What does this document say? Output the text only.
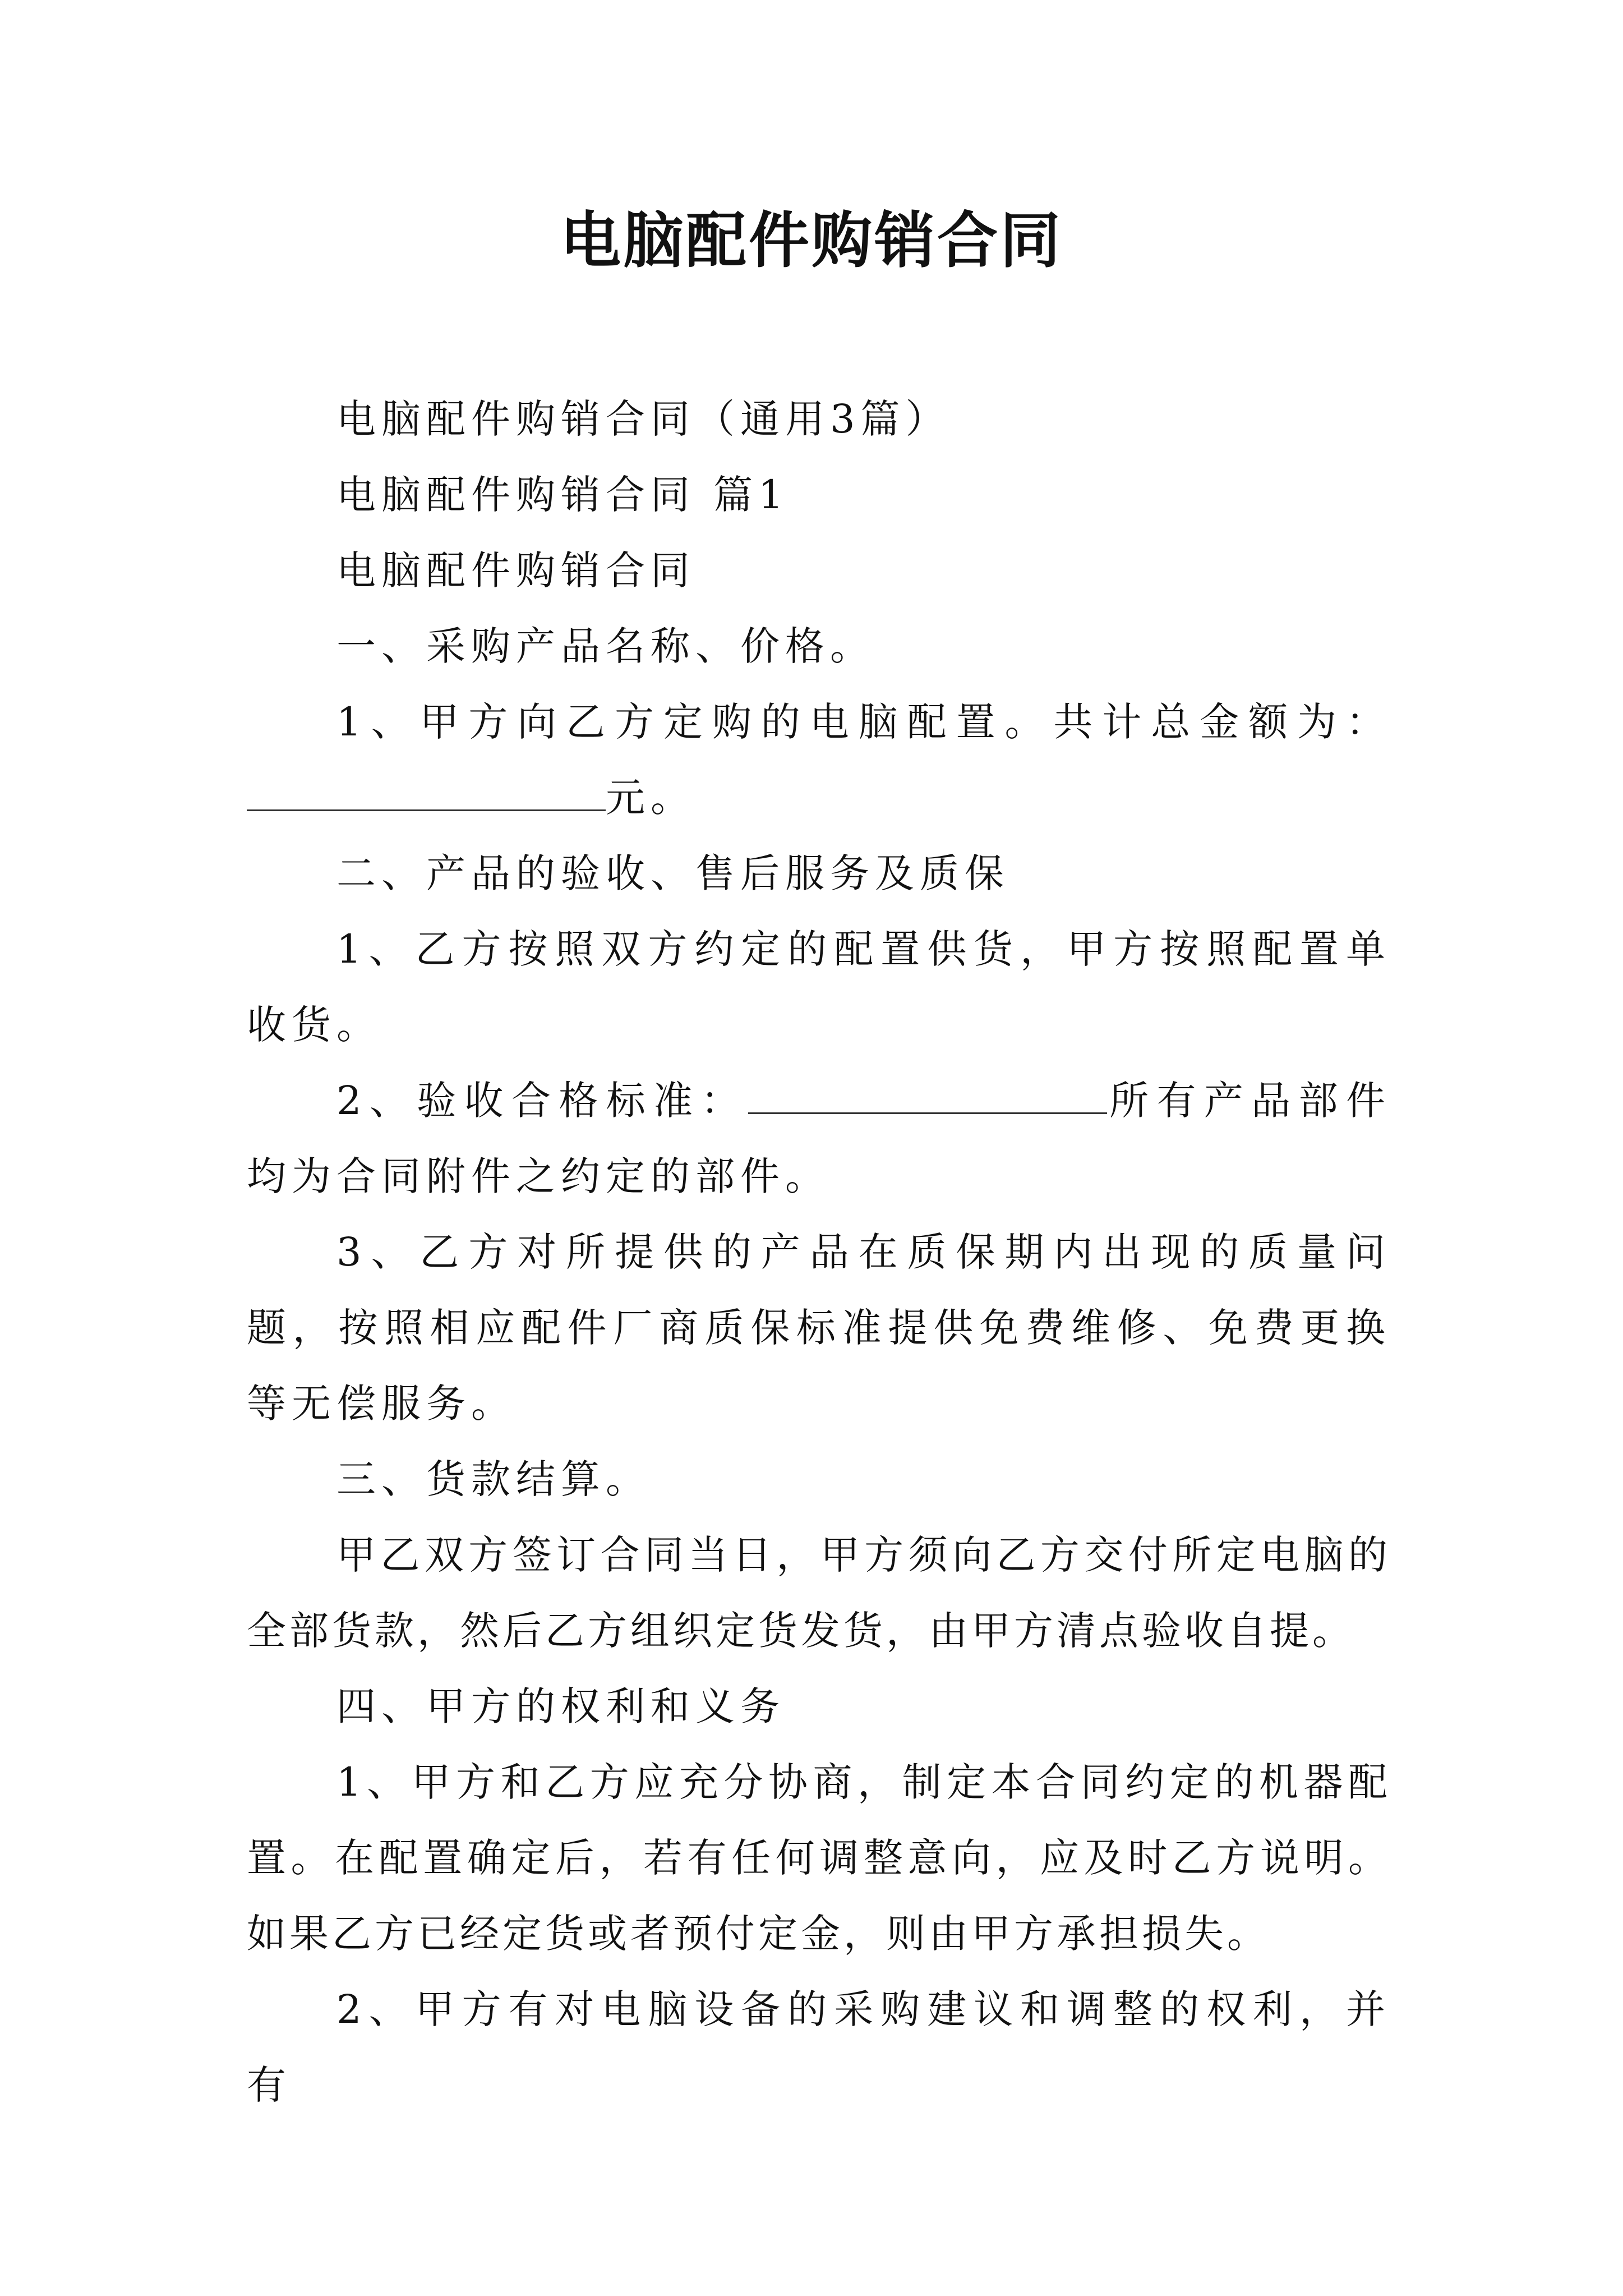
电脑配件购销合同

电脑配件购销合同（通用3篇）

电脑配件购销合同 篇1

电脑配件购销合同

一、采购产品名称、价格。

1、甲方向乙方定购的电脑配置。共计总金额为： 元。

二、产品的验收、售后服务及质保

1、乙方按照双方约定的配置供货，甲方按照配置单收货。

2、验收合格标准：	所有产品部件均为合同附件之约定的部件。

3、乙方对所提供的产品在质保期内出现的质量问题，按照相应配件厂商质保标准提供免费维修、免费更换等无偿服务。

三、货款结算。

甲乙双方签订合同当日，甲方须向乙方交付所定电脑的全部货款，然后乙方组织定货发货，由甲方清点验收自提。

四、甲方的权利和义务

1、甲方和乙方应充分协商，制定本合同约定的机器配置。在配置确定后，若有任何调整意向，应及时乙方说明。如果乙方已经定货或者预付定金，则由甲方承担损失。

2、甲方有对电脑设备的采购建议和调整的权利，并有
